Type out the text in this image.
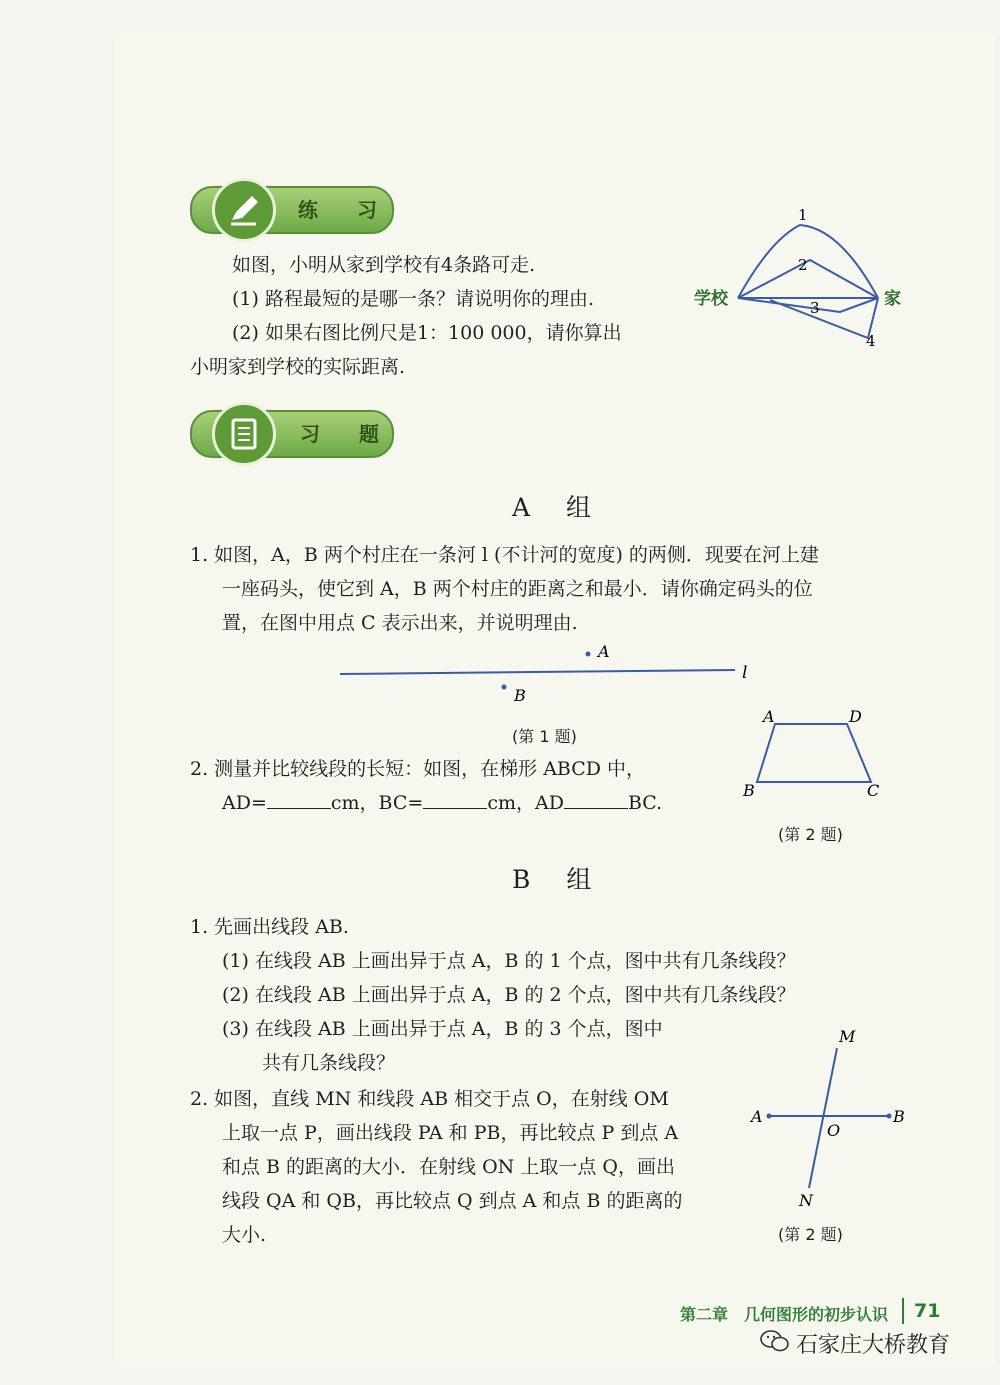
练 习
如图，小明从家到学校有4条路可走.
(1) 路程最短的是哪一条？请说明你的理由.
(2) 如果右图比例尺是1：100 000，请你算出
小明家到学校的实际距离.
1
2
3
4
学校	家
习 题
A 组
1. 如图，A，B 两个村庄在一条河 l (不计河的宽度) 的两侧．现要在河上建
一座码头，使它到 A，B 两个村庄的距离之和最小．请你确定码头的位
置，在图中用点 C 表示出来，并说明理由.
A
B
l
(第 1 题)
2. 测量并比较线段的长短：如图，在梯形 ABCD 中，
AD=	cm，BC=	cm，AD	BC.
A	D
B	C
(第 2 题)
B 组
1. 先画出线段 AB.
(1) 在线段 AB 上画出异于点 A，B 的 1 个点，图中共有几条线段？
(2) 在线段 AB 上画出异于点 A，B 的 2 个点，图中共有几条线段？
(3) 在线段 AB 上画出异于点 A，B 的 3 个点，图中
共有几条线段？
2. 如图，直线 MN 和线段 AB 相交于点 O，在射线 OM
上取一点 P，画出线段 PA 和 PB，再比较点 P 到点 A
和点 B 的距离的大小．在射线 ON 上取一点 Q，画出
线段 QA 和 QB，再比较点 Q 到点 A 和点 B 的距离的
大小.
M
N
A	B
O
(第 2 题)
第二章　几何图形的初步认识 71
石家庄大桥教育
